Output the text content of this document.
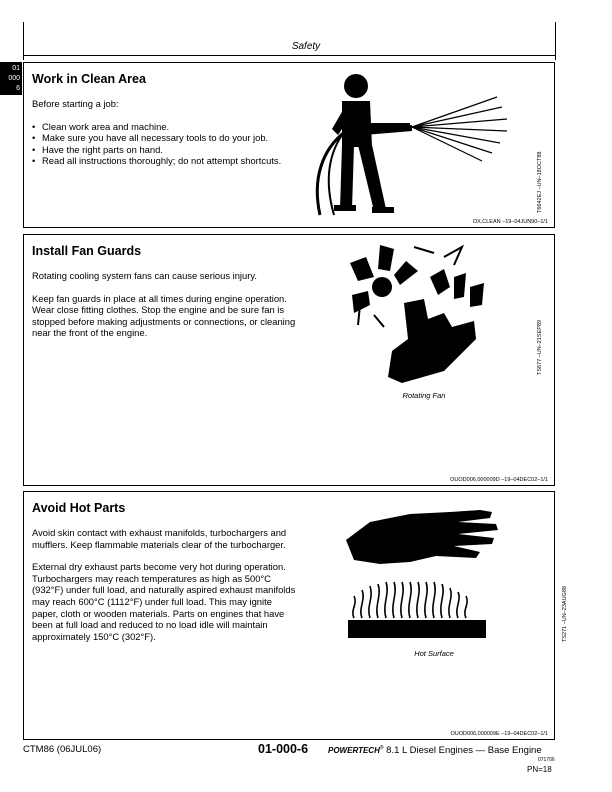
Safety
01
000
6
Work in Clean Area

Before starting a job:

• Clean work area and machine.
• Make sure you have all necessary tools to do your job.
• Have the right parts on hand.
• Read all instructions thoroughly; do not attempt shortcuts.	T6642EJ –UN–18OCT88
DX,CLEAN –19–04JUN90–1/1
Install Fan Guards

Rotating cooling system fans can cause serious injury.

Keep fan guards in place at all times during engine operation. Wear close fitting clothes. Stop the engine and be sure fan is stopped before making adjustments or connections, or cleaning near the front of the engine.

Rotating Fan
TS677 –UN–21SEP89
OUOD006,000009D –19–04DEC02–1/1
Avoid Hot Parts

Avoid skin contact with exhaust manifolds, turbochargers and mufflers. Keep flammable materials clear of the turbocharger.

External dry exhaust parts become very hot during operation. Turbochargers may reach temperatures as high as 500°C (932°F) under full load, and naturally aspired exhaust manifolds may reach 600°C (1112°F) under full load. This may ignite paper, cloth or wooden materials. Parts on engines that have been at full load and reduced to no load idle will maintain approximately 150°C (302°F).

Hot Surface
TS271 –UN–23AUG88
OUOD006,000009E –19–04DEC02–1/1
CTM86 (06JUL06)	01-000-6 POWERTECH® 8.1 L Diesel Engines — Base Engine
071706
PN=18
